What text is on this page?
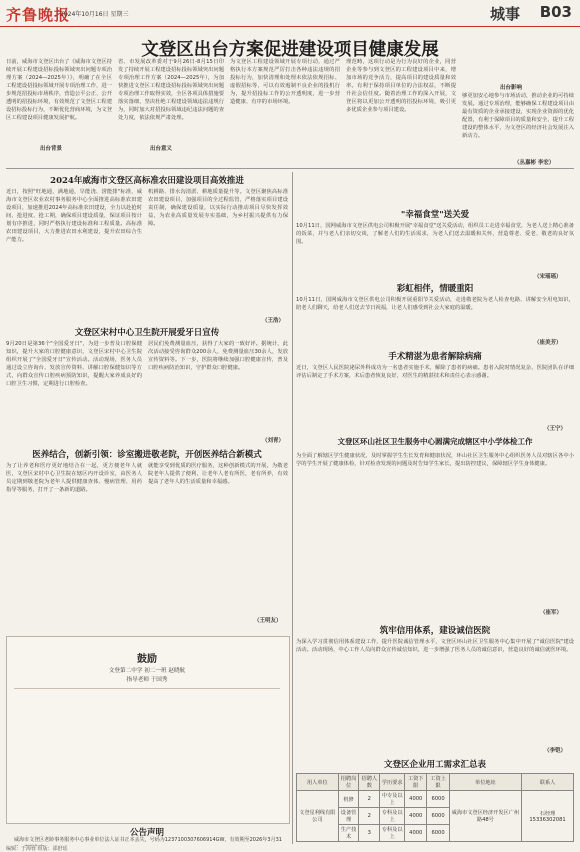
齐鲁晚报
2024年10月16日 星期三	城事 B03
文登区出台方案促进建设项目健康发展
日前，威海市文登区出台了《威海市文登区持续开展工程建设招标投标领域突出问题专项治理方案（2024—2025年）》，明确了在全区工程建设招投标领域开展专项治理工作，进一步规范招投标市场秩序，营造公平公正、公开透明的招投标环境，有效规范了文登区工程建设招标投标行为，不断优化营商环境，为文登区工程建设项目健康发展护航。
出台背景
省、市发展改革委对于9月26日-8月15日印发了持续开展工程建设招标投标领域突出问题专项治理工作方案（2024—2025年），为加快推进文登区工程建设招标投标领域突出问题专项治理工作取得实效，全区各项具体措施要落实落细，坚决杜绝工程建设领域违法违规行为，同时加大对招投标领域违纪违法问题的查处力度，依法依规严肃处理。
出台意义
为文登区工程建设领域开展专项行动，通过严格执行本方案规范严厉打击各种违法违规的招投标行为，加快清理和处理未依法依规招标、虚假招标等，可以有效遏制不良企业的投机行为，提升招投标工作的公开透明度，进一步营造健康、有序的市场环境。
理范畴，这项行动是为行为良好的企业，同营企业等参与到文登区的工程建设项目中来，增加市场的竞争活力，提高项目的建设质量和效率。有利于保持项目单位的合法权益，不断提升社会信任度。随着治理工作的深入开展，文登区将以更加公开透明的招投标环境，吸引更多优质企业参与项目建设。
出台影响
够更加安心地参与市场活动，推动企业的可持续发展。通过专项治理，能够确保工程建设项目由最有资质的企业承接建设，实现企业资源的优化配置，有利于保障项目的质量和安全，提升工程建设的整体水平，为文登区的经济社会发展注入新动力。
（丛嘉彬 李宏）
2024年威海市文登区高标准农田建设项目高效推进
近日，按照"旺地通，满地通，旱能浇、涝能排"标准，威海市文登区农业农村事务服务中心全面推进高标准农田建设项目，加速推进2024年高标准农田建设，全力以赴抢时间、抢进度、抢工期，确保项目建设质量，保证项目按计划有序推进，同时严格执行建设标准和工程质量。高标准农田建设项目，大力推进农田水利建设，提升农田综合生产能力。
机耕路、排水沟清淤、耕地质量提升等。文登区聚焦高标准农田建设项目，加强项目的全过程监管，严格落实项目建设责任制，确保建设质量，以实际行动推动项目尽快发挥效益，为农业高质量发展夯实基础，为乡村振兴提供有力保障。
（王浩）
文登区宋村中心卫生院开展爱牙日宣传
9月20日是第36个"全国爱牙日"，为进一步普及口腔保健知识，提升大家的口腔健康意识，文登区宋村中心卫生院组织开展了"全国爱牙日"宣传活动。活动现场，医务人员通过设立咨询台、发放宣传资料、讲解口腔保健知识等方式，向群众宣传口腔疾病预防知识，提醒大家养成良好的口腔卫生习惯，定期进行口腔检查。
居民们免费测量血压，获得了大家的一致好评。据统计，此次活动接受咨询群众200余人，免费测量血压30余人，发放宣传资料等。下一步，医院将继续加强口腔健康宣传，普及口腔疾病防治知识，守护群众口腔健康。
（刘青）
医养结合，创新引领：诊室搬进敬老院，开创医养结合新模式
为了让养老和医疗更好地结合在一起，更方便老年人就医，文登区宋村中心卫生院在辖区内开设诊室，由医务人员定期到敬老院为老年人提供健康查体、慢病管理、用药指导等服务，打开了一条新的道路。
就能享受到优质的医疗服务，这种创新模式的开展，为敬老院老年人提供了便利，让老年人老有所医，老有所养，有效提高了老年人的生活质量和幸福感。
（王明友）
鼓励
文登第二中学 初二一班 赵晓航
指导老师 于国秀
公告声明
威海市文登区老龄事务服务中心事业单位法人证书正本丢失，号码为1237100307606914GW，有效期至2026年3月31
编辑：于海蓉 组版：邵舒瑶
"幸福食堂"送关爱
10月11日，国网威海市文登区供电公司积极开展"幸福食堂"送关爱活动，组织员工走进幸福食堂，为老人送上精心准备的饭菜，并与老人们亲切交谈，了解老人们的生活需求，为老人们送去温暖和关怀，营造尊老、爱老、敬老的良好氛围。
（宋瑶瑶）
彩虹相伴，情暖重阳
10月11日，国网威海市文登区供电公司积极开展重阳节关爱活动，走进敬老院为老人检查电路、讲解安全用电知识，陪老人们聊天，给老人们送去节日祝福，让老人们感受到社会大家庭的温暖。
（崔美芳）
手术精湛为患者解除病痛
近日，文登区人民医院泌尿外科成功为一名患者实施手术，解除了患者的病痛。患者入院时情况复杂，医院团队在详细评估后制定了手术方案，术后患者恢复良好，对医生的精湛技术和责任心表示感谢。
（王宁）
文登区环山社区卫生服务中心圆满完成辖区中小学体检工作
为全面了解辖区学生健康状况，及时掌握学生生长发育和健康状况，环山社区卫生服务中心组织医务人员对辖区各中小学的学生开展了健康体检，针对检查发现的问题及时告知学生家长，提出防控建议，保障辖区学生身体健康。
（崔军）
筑牢信用体系，建设诚信医院
为深入学习贯彻信用体系建设工作，提升医院诚信管理水平，文登区环山社区卫生服务中心集中开展了"诚信医院"建设活动。活动现场，中心工作人员向群众宣传诚信知识，进一步增强了医务人员的诚信意识，营造良好的诚信就医环境。
（李铠）
文登区企业用工需求汇总表
用人单位	招聘岗位	招聘人数	学历要求	工资下限	工资上限	单位地址	联系人
文登星利线有限公司	机修	2	中专及以上	4000	6000	威海市文登区经济开发区广州路48号	石经理15336302081
	设备管理	2	专科及以上	4000	6000		
	生产技术	3	专科及以上	4000	6000		
